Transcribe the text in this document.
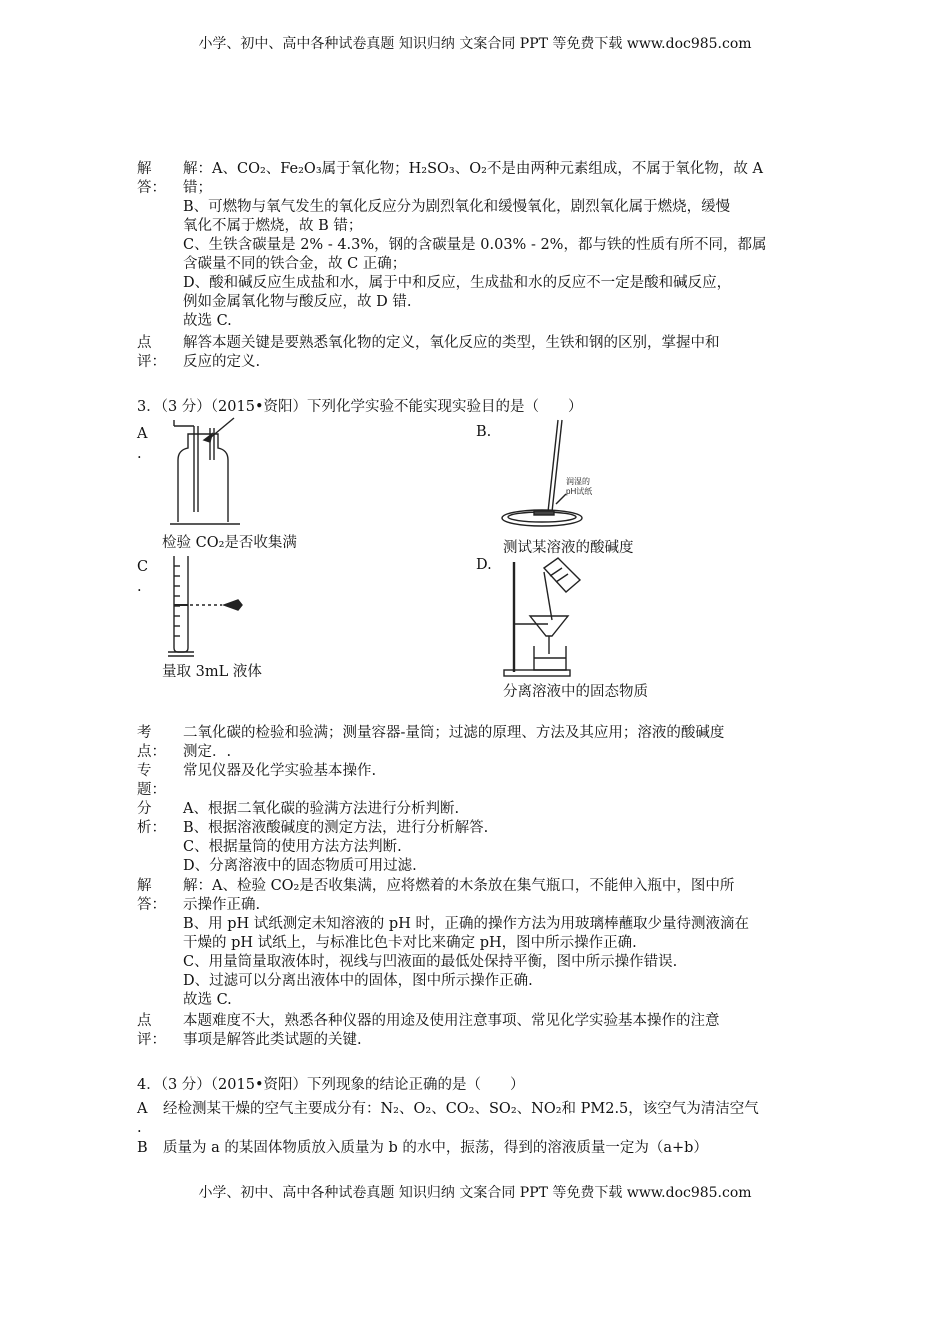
小学、初中、高中各种试卷真题 知识归纳 文案合同 PPT 等免费下载 www.doc985.com
解
答：
解：A、CO₂、Fe₂O₃属于氧化物；H₂SO₃、O₂不是由两种元素组成，不属于氧化物，故 A
错；
B、可燃物与氧气发生的氧化反应分为剧烈氧化和缓慢氧化，剧烈氧化属于燃烧，缓慢
氧化不属于燃烧，故 B 错；
C、生铁含碳量是 2% - 4.3%，钢的含碳量是 0.03% - 2%，都与铁的性质有所不同，都属
含碳量不同的铁合金，故 C 正确；
D、酸和碱反应生成盐和水，属于中和反应，生成盐和水的反应不一定是酸和碱反应，
例如金属氧化物与酸反应，故 D 错.
故选 C.
点
评：
解答本题关键是要熟悉氧化物的定义，氧化反应的类型，生铁和钢的区别，掌握中和
反应的定义.
3．（3 分）（2015•资阳）下列化学实验不能实现实验目的是（　　）
A
.
检验 CO₂是否收集满
B.
润湿的
pH试纸
测试某溶液的酸碱度
C
.
量取 3mL 液体
D.
分离溶液中的固态物质
考
点：
二氧化碳的检验和验满；测量容器-量筒；过滤的原理、方法及其应用；溶液的酸碱度
测定．.
专
题：
常见仪器及化学实验基本操作.
分
析：
A、根据二氧化碳的验满方法进行分析判断.
B、根据溶液酸碱度的测定方法，进行分析解答.
C、根据量筒的使用方法方法判断.
D、分离溶液中的固态物质可用过滤.
解
答：
解：A、检验 CO₂是否收集满，应将燃着的木条放在集气瓶口，不能伸入瓶中，图中所
示操作正确.
B、用 pH 试纸测定未知溶液的 pH 时，正确的操作方法为用玻璃棒蘸取少量待测液滴在
干燥的 pH 试纸上，与标准比色卡对比来确定 pH，图中所示操作正确.
C、用量筒量取液体时，视线与凹液面的最低处保持平衡，图中所示操作错误.
D、过滤可以分离出液体中的固体，图中所示操作正确.
故选 C.
点
评：
本题难度不大，熟悉各种仪器的用途及使用注意事项、常见化学实验基本操作的注意
事项是解答此类试题的关键.
4．（3 分）（2015•资阳）下列现象的结论正确的是（　　）
A
.
经检测某干燥的空气主要成分有：N₂、O₂、CO₂、SO₂、NO₂和 PM2.5，该空气为清洁空气
B 质量为 a 的某固体物质放入质量为 b 的水中，振荡，得到的溶液质量一定为（a+b）
小学、初中、高中各种试卷真题 知识归纳 文案合同 PPT 等免费下载 www.doc985.com
